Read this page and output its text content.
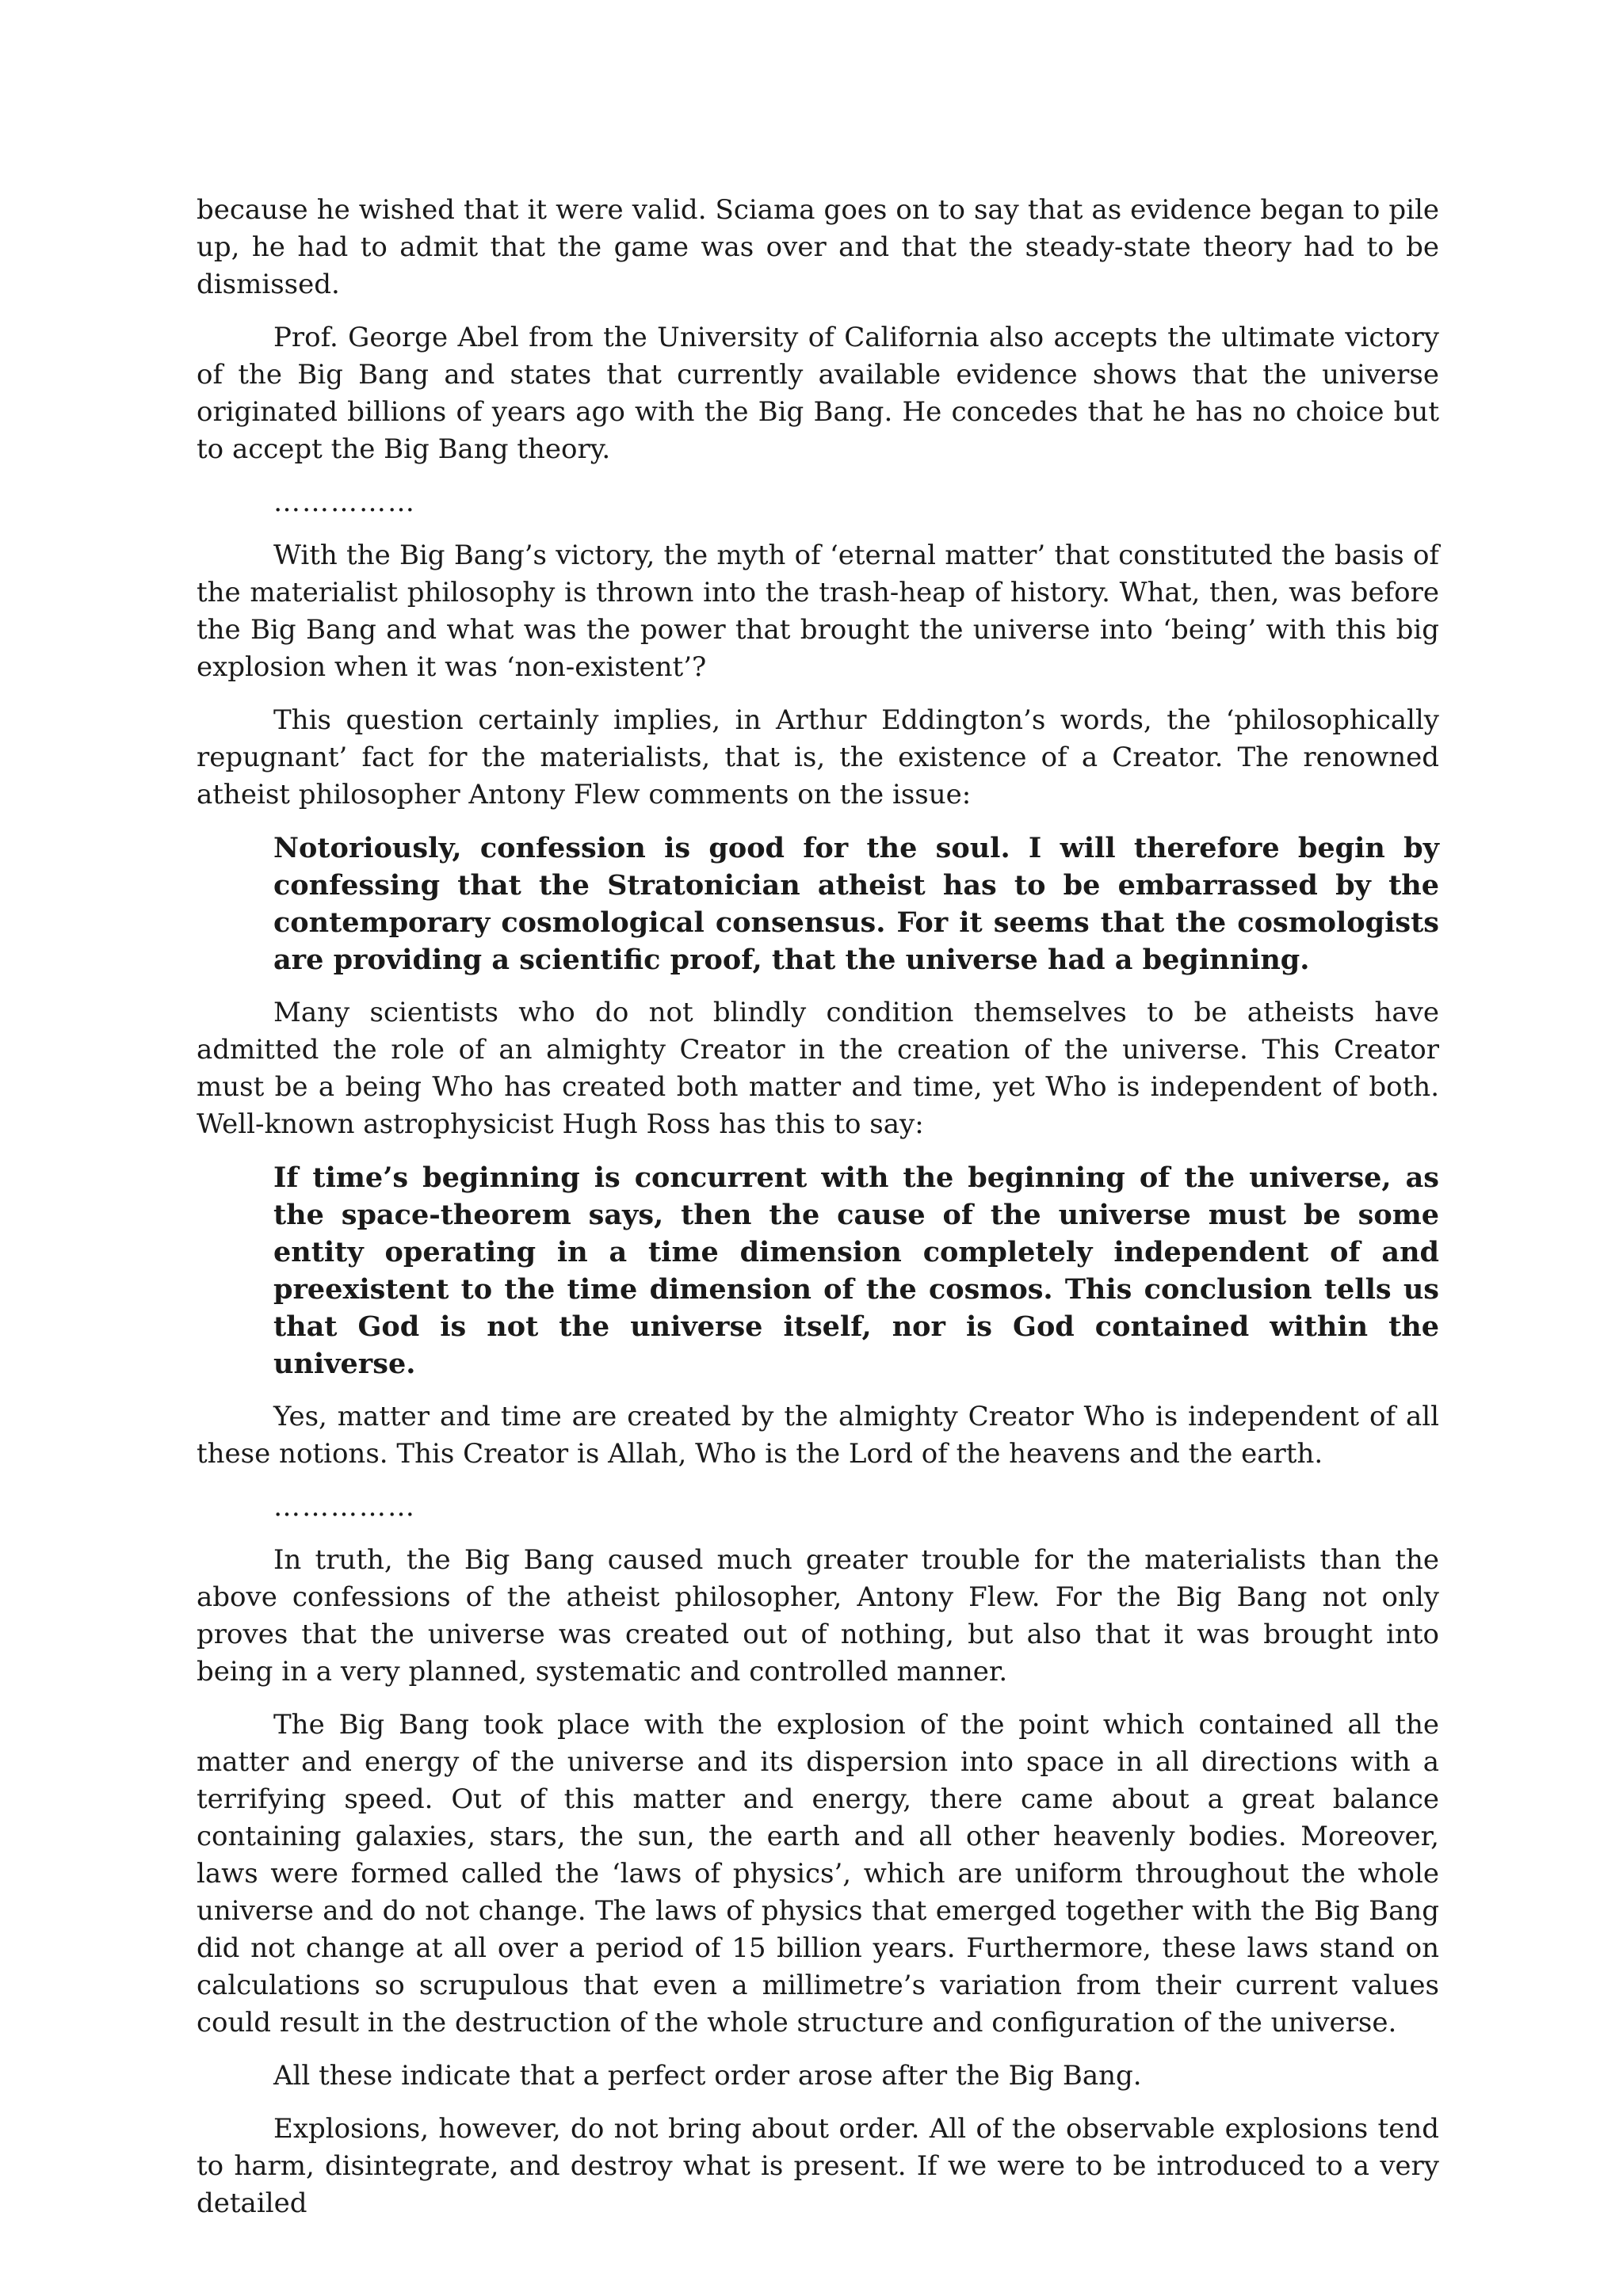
because he wished that it were valid. Sciama goes on to say that as evidence began to pile up, he had to admit that the game was over and that the steady-state theory had to be dismissed.

Prof. George Abel from the University of California also accepts the ultimate victory of the Big Bang and states that currently available evidence shows that the universe originated billions of years ago with the Big Bang. He concedes that he has no choice but to accept the Big Bang theory.

……………

With the Big Bang’s victory, the myth of ‘eternal matter’ that constituted the basis of the materialist philosophy is thrown into the trash-heap of history. What, then, was before the Big Bang and what was the power that brought the universe into ‘being’ with this big explosion when it was ‘non-existent’?

This question certainly implies, in Arthur Eddington’s words, the ‘philosophically repugnant’ fact for the materialists, that is, the existence of a Creator. The renowned atheist philosopher Antony Flew comments on the issue:

Notoriously, confession is good for the soul. I will therefore begin by confessing that the Stratonician atheist has to be embarrassed by the contemporary cosmological consensus. For it seems that the cosmologists are providing a scientific proof, that the universe had a beginning.

Many scientists who do not blindly condition themselves to be atheists have admitted the role of an almighty Creator in the creation of the universe. This Creator must be a being Who has created both matter and time, yet Who is independent of both. Well-known astrophysicist Hugh Ross has this to say:

If time’s beginning is concurrent with the beginning of the universe, as the space-theorem says, then the cause of the universe must be some entity operating in a time dimension completely independent of and preexistent to the time dimension of the cosmos. This conclusion tells us that God is not the universe itself, nor is God contained within the universe.

Yes, matter and time are created by the almighty Creator Who is independent of all these notions. This Creator is Allah, Who is the Lord of the heavens and the earth.

……………

In truth, the Big Bang caused much greater trouble for the materialists than the above confessions of the atheist philosopher, Antony Flew. For the Big Bang not only proves that the universe was created out of nothing, but also that it was brought into being in a very planned, systematic and controlled manner.

The Big Bang took place with the explosion of the point which contained all the matter and energy of the universe and its dispersion into space in all directions with a terrifying speed. Out of this matter and energy, there came about a great balance containing galaxies, stars, the sun, the earth and all other heavenly bodies. Moreover, laws were formed called the ‘laws of physics’, which are uniform throughout the whole universe and do not change. The laws of physics that emerged together with the Big Bang did not change at all over a period of 15 billion years. Furthermore, these laws stand on calculations so scrupulous that even a millimetre’s variation from their current values could result in the destruction of the whole structure and configuration of the universe.

All these indicate that a perfect order arose after the Big Bang.

Explosions, however, do not bring about order. All of the observable explosions tend to harm, disintegrate, and destroy what is present. If we were to be introduced to a very detailed
